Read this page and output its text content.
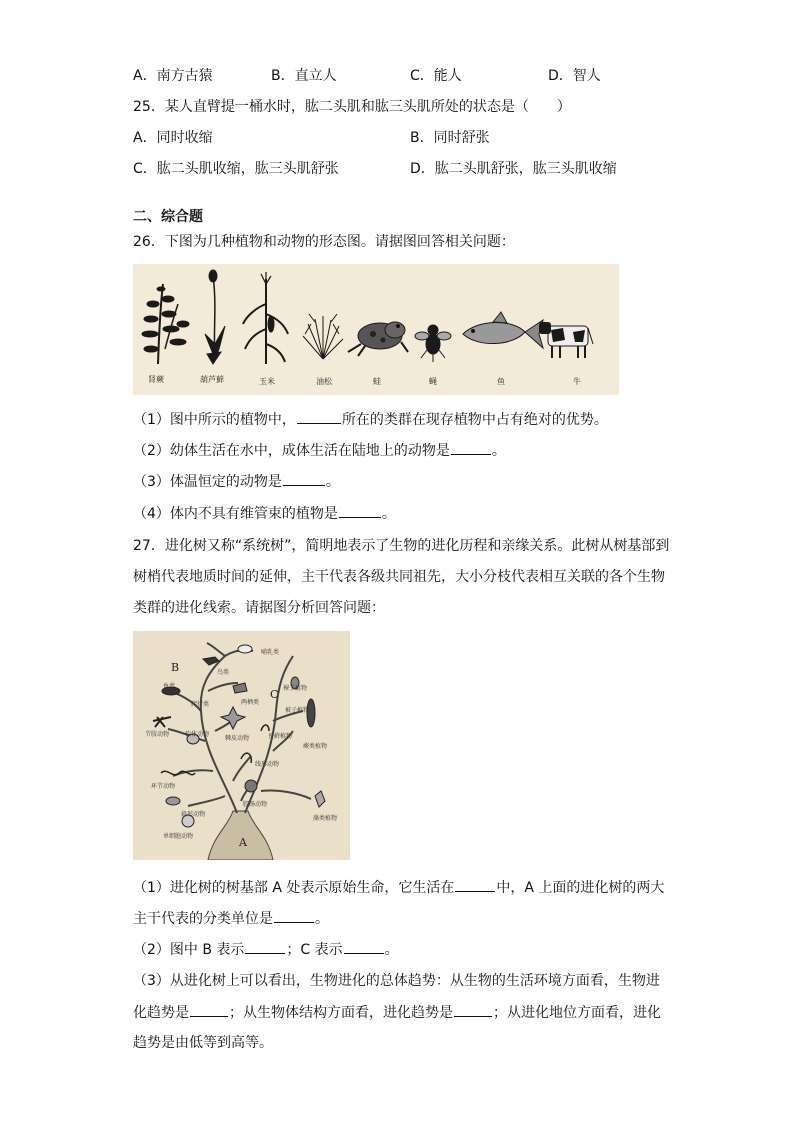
A．南方古猿	B．直立人	C．能人	D．智人
25．某人直臂提一桶水时，肱二头肌和肱三头肌所处的状态是（　　）
A．同时收缩	B．同时舒张
C．肱二头肌收缩，肱三头肌舒张	D．肱二头肌舒张，肱三头肌收缩
二、综合题
26．下图为几种植物和动物的形态图。请据图回答相关问题：
肾蕨	葫芦藓	玉米	油松	蛙	蝇	鱼	牛
（1）图中所示的植物中，	所在的类群在现存植物中占有绝对的优势。
（2）幼体生活在水中，成体生活在陆地上的动物是	。
（3）体温恒定的动物是	。
（4）体内不具有维管束的植物是	。
27．进化树又称“系统树”，简明地表示了生物的进化历程和亲缘关系。此树从树基部到
树梢代表地质时间的延伸，主干代表各级共同祖先，大小分枝代表相互关联的各个生物
类群的进化线索。请据图分析回答问题：
B
C
A
鸟类
哺乳类
鱼类
两栖类
裸子植物
节肢动物	软体动物
棘皮动物	苔藓植物
蕨类植物
环节动物
线形动物
扁形动物
腔肠动物
藻类植物
单细胞动物
爬行类
被子植物
（1）进化树的树基部 A 处表示原始生命，它生活在	中，A 上面的进化树的两大
主干代表的分类单位是	。
（2）图中 B 表示	；C 表示	。
（3）从进化树上可以看出，生物进化的总体趋势：从生物的生活环境方面看，生物进
化趋势是	；从生物体结构方面看，进化趋势是	；从进化地位方面看，进化
趋势是由低等到高等。
